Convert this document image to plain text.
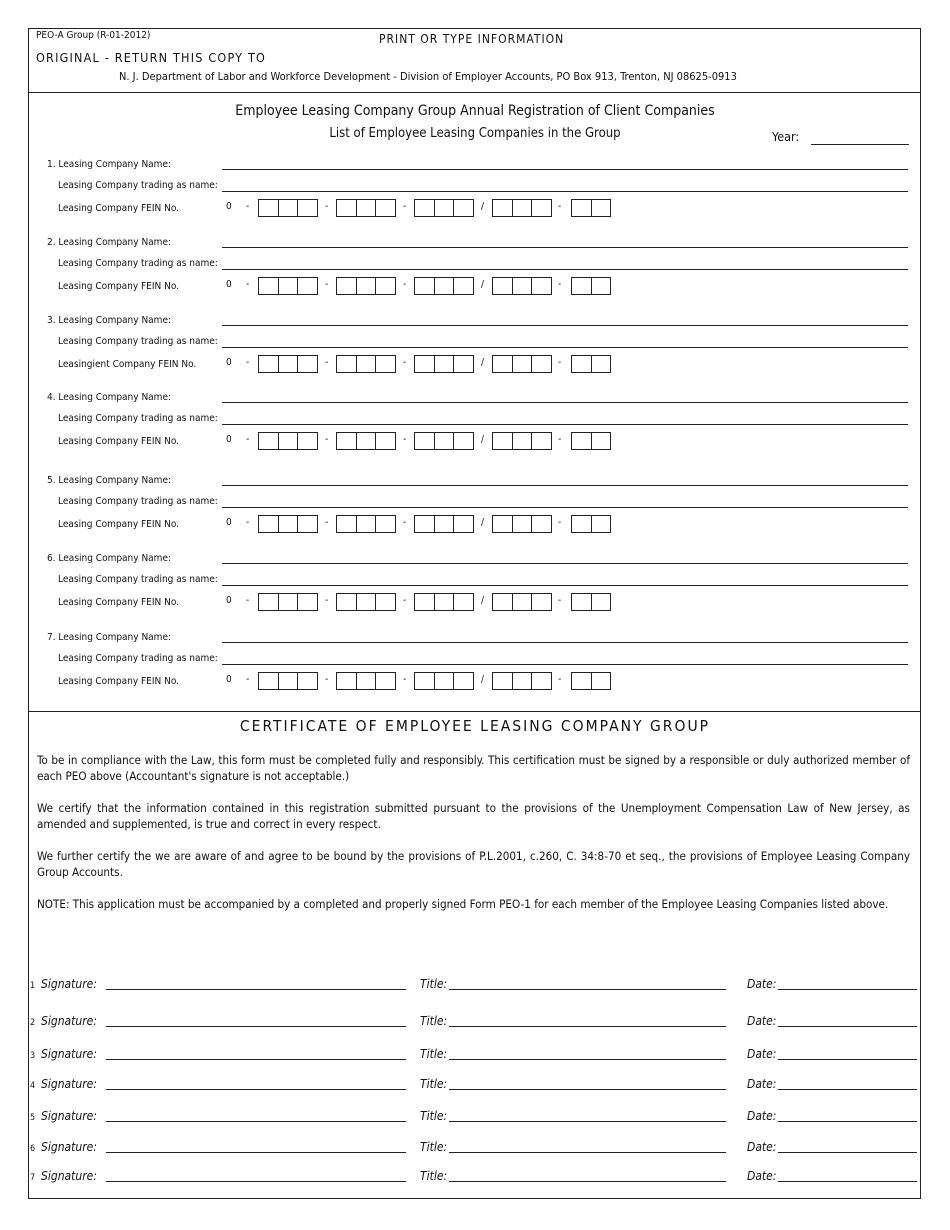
PEO-A Group (R-01-2012)	PRINT OR TYPE INFORMATION
ORIGINAL - RETURN THIS COPY TO
N. J. Department of Labor and Workforce Development - Division of Employer Accounts, PO Box 913, Trenton, NJ 08625-0913
Employee Leasing Company Group Annual Registration of Client Companies
List of Employee Leasing Companies in the Group	Year:
1. Leasing Company Name:
Leasing Company trading as name:
Leasing Company FEIN No.	0 -	-	-	/	-
2. Leasing Company Name:
Leasing Company trading as name:
Leasing Company FEIN No.	0 -	-	-	/	-
3. Leasing Company Name:
Leasing Company trading as name:
Leasingient Company FEIN No.	0 -	-	-	/	-
4. Leasing Company Name:
Leasing Company trading as name:
Leasing Company FEIN No.	0 -	-	-	/	-
5. Leasing Company Name:
Leasing Company trading as name:
Leasing Company FEIN No.	0 -	-	-	/	-
6. Leasing Company Name:
Leasing Company trading as name:
Leasing Company FEIN No.	0 -	-	-	/	-
7. Leasing Company Name:
Leasing Company trading as name:
Leasing Company FEIN No.	0 -	-	-	/	-
CERTIFICATE OF EMPLOYEE LEASING COMPANY GROUP
To be in compliance with the Law, this form must be completed fully and responsibly. This certification must be signed by a responsible or duly authorized member of each PEO above (Accountant's signature is not acceptable.)
We certify that the information contained in this registration submitted pursuant to the provisions of the Unemployment Compensation Law of New Jersey, as amended and supplemented, is true and correct in every respect.
We further certify the we are aware of and agree to be bound by the provisions of P.L.2001, c.260, C. 34:8-70 et seq., the provisions of Employee Leasing Company Group Accounts.
NOTE: This application must be accompanied by a completed and properly signed Form PEO-1 for each member of the Employee Leasing Companies listed above.
1 Signature:	Title:	Date:
2 Signature:	Title:	Date:
3 Signature:	Title:	Date:
4 Signature:	Title:	Date:
5 Signature:	Title:	Date:
6 Signature:	Title:	Date:
7 Signature:	Title:	Date:
